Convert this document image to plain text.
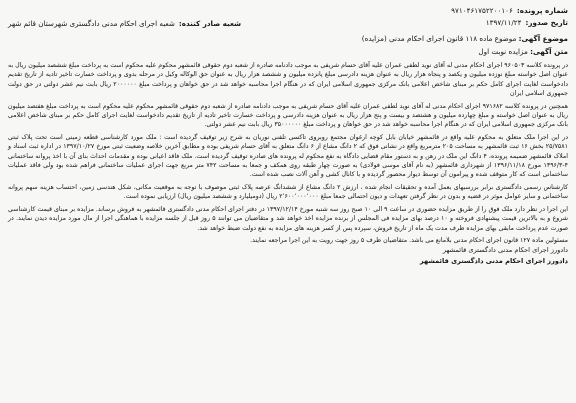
شماره پرونده:
۹۷۱۰۴۶۱۷۵۲۲۰۰۱۰۶
تاریخ صدور:
۱۳۹۷/۱۱/۲۴
شعبه صادر کننده:
شعبه اجرای احکام مدنی دادگستری شهرستان قائم شهر
موضوع آگهی: موضوع ماده ۱۱۸ قانون اجرای احکام مدنی (مزایده)
متن آگهی: مزایده نوبت اول

در پرونده کلاسه ۹۶۰۵۰۳ اجرای احکام مدنی له آقای نوید لطفی عمران علیه آقای حسام شریفی به موجب دادنامه صادره از شعبه دوم حقوقی قائمشهر محکوم علیه محکوم است به پرداخت مبلغ ششصد میلیون ریال به عنوان اصل خواسته مبلغ نوزده میلیون و یکصد و پنجاه هزار ریال به عنوان هزینه دادرسی مبلغ پانزده میلیون و ششصد هزار ریال به عنوان حق الوکاله وکیل در مرحله بدوی و پرداخت خسارت تاخیر تادیه از تاریخ تقدیم دادخواست لغایت اجرای کامل حکم بر مبنای شاخص اعلامی بانک مرکزی جمهوری اسلامی ایران که در هنگام اجرا محاسبه خواهد شد در حق خواهان و پرداخت مبلغ ۲۰۰۰۰۰۰ ریال بابت نیم عشر دولتی در حق دولت جمهوری اسلامی ایران

همچنین در پرونده کلاسه ۹۷۱۶۸۲ اجرای احکام مدنی له آقای نوید لطفی عمران علیه آقای حسام شریفی به موجب دادنامه صادره از شعبه دوم حقوقی قائمشهر محکوم علیه محکوم است به پرداخت مبلغ هفتصد میلیون ریال به عنوان اصل خواسته و مبلغ چهارده میلیون و هشتصد و بیست و پنج هزار ریال به عنوان هزینه دادرسی و پرداخت خسارت تاخیر تادیه از تاریخ تقدیم دادخواست لغایت اجرای کامل حکم بر مبنای شاخص اعلامی بانک مرکزی جمهوری اسلامی ایران که در هنگام اجرا محاسبه خواهد شد در حق خواهان و پرداخت مبلغ ۳۵۰۰۰۰۰۰ ریال بابت نیم عشر دولتی.

در این اجرا ملک متعلق به محکوم علیه واقع در قائمشهر خیابان بابل کوچه ارغوان مجتمع روبروی تاکسی تلفنی نوریان به شرح زیر توقیف گردیده است : ملک مورد کارشناسی قطعه زمینی است تحت پلاک ثبتی ۲۵/۷۵۸۱ بخش ۱۶ ثبت قائمشهر به مساحت ۲۰۵ مترمربع واقع در نشانی فوق که ۲ دانگ مشاع از ۶ دانگ متعلق به آقای حسام شریفی بوده و مطابق آخرین خلاصه وضعیت ثبتی مورخ ۱۳۹۷/۱۰/۲۷ در اداره ثبت اسناد و املاک قائمشهر ضمیمه پرونده، ۴ دانگ این ملک در رهن و به دستور مقام قضایی دادگاه به نفع محکوم له پرونده های صادره توقیف گردیده است. ملک فاقد اعیانی بوده و مقدمات احداث بنای آن با اخذ پروانه ساختمانی ۴-۱۳۹۶/۳ مورخ ۱۳۹۶/۱۱/۱۸ از شهرداری قائمشهر (به نام آقای موسی فولادی) به صورت چهار طبقه روی همکف و جمعا به مساحت ۷۴۲ متر مربع جهت اجرای عملیات ساختمانی فراهم شده بود ولی فاقد عملیات ساختمانی است که کار متوقف شده و پیرامون آن توسط دیوار محصور گردیده و با کانال کشی و آهن آلات نصب شده است.

کارشناس رسمی دادگستری برابر بررسیهای بعمل آمده و تحقیقات انجام شده ، ارزش ۲ دانگ مشاع از ششدانگ عرصه پلاک ثبتی موصوف با توجه به موقعیت مکانی، شکل هندسی زمین، احتساب هزینه سهم پروانه ساختمانی و سایر عوامل موثر در قضیه و بدون در نظر گرفتن تعهدات و دیون احتمالی جمعا مبلغ ۲٬۶۰۰٬۰۰۰٬۰۰۰ ریال (دومیلیارد و ششصد میلیون ریال) ارزیابی نموده است.

این اجرا در نظر دارد ملک فوق را از طریق مزایده حضوری در ساعت ۹ الی ۱۰ صبح روز سه شنبه مورخ ۱۳۹۷/۱۲/۱۴ در دفتر اجرای احکام مدنی دادگستری قائمشهر به فروش برساند. مزایده بر مبنای قیمت کارشناسی شروع و به بالاترین قیمت پیشنهادی فروخته و ۱۰ درصد بهای مزایده فی المجلس از برنده مزایده اخذ خواهد شد و متقاضیان می توانند ۵ روز قبل از جلسه مزایده با هماهنگی اجرا از مال مورد مزایده دیدن نمایند. در صورت عدم پرداخت مابقی بهای مزایده ظرف مدت یک ماه از تاریخ فروش، سپرده پس از کسر هزینه های مزایده به نفع دولت ضبط خواهد شد.

مسئولین ماده ۱۲۷ قانون اجرای احکام مدنی بلامانع می باشد. متقاضیان ظرف ۵ روز جهت رویت به این اجرا مراجعه نمایند.

دادورز اجرای احکام مدنی دادگستری قائمشهر
دادورز اجرای احکام مدنی دادگستری قائمشهر
